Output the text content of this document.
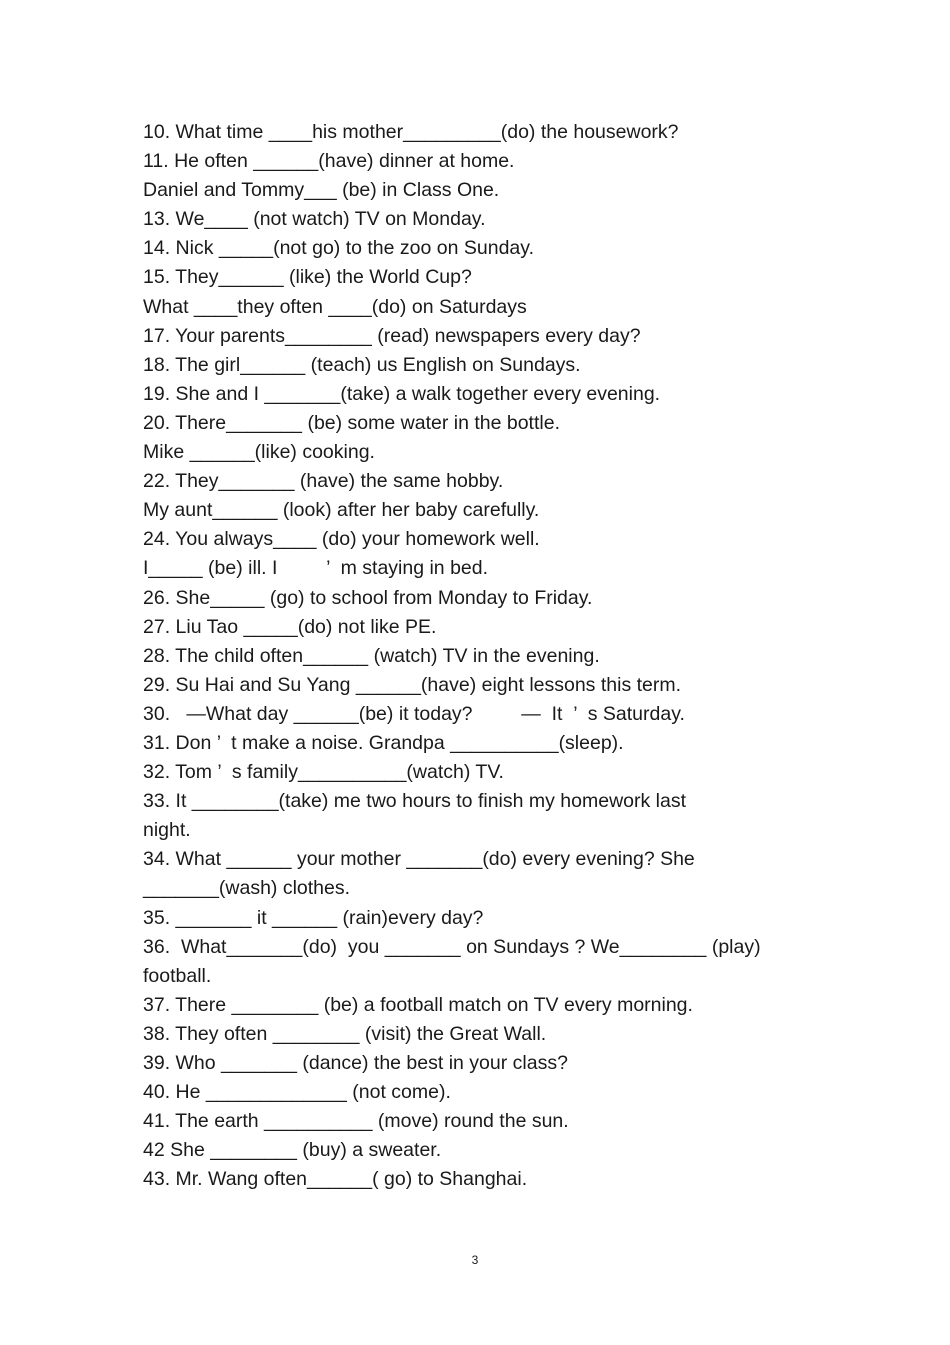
10. What time ____his mother_________(do) the housework?
11. He often ______(have) dinner at home.
Daniel and Tommy___ (be) in Class One.
13. We____ (not watch) TV on Monday.
14. Nick _____(not go) to the zoo on Sunday.
15. They______ (like) the World Cup?
What ____they often ____(do) on Saturdays
17. Your parents________ (read) newspapers every day?
18. The girl______ (teach) us English on Sundays.
19. She and I _______(take) a walk together every evening.
20. There_______ (be) some water in the bottle.
Mike ______(like) cooking.
22. They_______ (have) the same hobby.
My aunt______ (look) after her baby carefully.
24. You always____ (do) your homework well.
I_____ (be) ill. I         ’  m staying in bed.
26. She_____ (go) to school from Monday to Friday.
27. Liu Tao _____(do) not like PE.
28. The child often______ (watch) TV in the evening.
29. Su Hai and Su Yang ______(have) eight lessons this term.
30.   —What day ______(be) it today?         —  It  ’  s Saturday.
31. Don ’  t make a noise. Grandpa __________(sleep).
32. Tom ’  s family__________(watch) TV.
33. It ________(take) me two hours to finish my homework last
night.
34. What ______ your mother _______(do) every evening? She
_______(wash) clothes.
35. _______ it ______ (rain)every day?
36.  What_______(do)  you _______ on Sundays ? We________ (play)
football.
37. There ________ (be) a football match on TV every morning.
38. They often ________ (visit) the Great Wall.
39. Who _______ (dance) the best in your class?
40. He _____________ (not come).
41. The earth __________ (move) round the sun.
42 She ________ (buy) a sweater.
43. Mr. Wang often______( go) to Shanghai.
3
